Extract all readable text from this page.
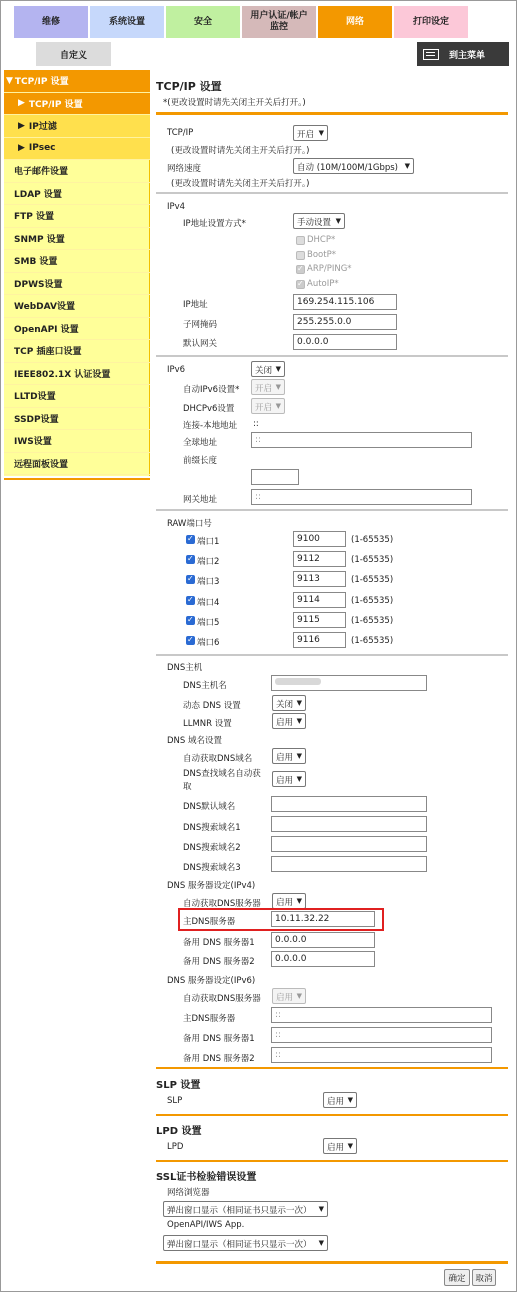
维修	系统设置	安全
用户认证/帐户监控
网络	打印设定
自定义	到主菜单
▼ TCP/IP 设置
▶ TCP/IP 设置
▶ IP过滤
▶ IPsec
电子邮件设置
LDAP 设置
FTP 设置
SNMP 设置
SMB 设置
DPWS设置
WebDAV设置
OpenAPI 设置
TCP 插座口设置
IEEE802.1X 认证设置
LLTD设置
SSDP设置
IWS设置
远程面板设置
TCP/IP 设置
*(更改设置时请先关闭主开关后打开。)
TCP/IP	开启 ▼
(更改设置时请先关闭主开关后打开。)
网络速度	自动 (10M/100M/1Gbps) ▼
(更改设置时请先关闭主开关后打开。)
IPv4
IP地址设置方式*	手动设置 ▼
DHCP*
BootP*
✓
ARP/PING*
✓
AutoIP*
IP地址	169.254.115.106
子网掩码	255.255.0.0
默认网关	0.0.0.0
IPv6	关闭 ▼
自动IPv6设置*	开启 ▼
DHCPv6设置	开启 ▼
连接-本地地址 ::
全球地址	::
前缀长度
网关地址	::
RAW端口号
✓
端口1	9100	(1-65535)
✓
端口2	9112	(1-65535)
✓
端口3	9113	(1-65535)
✓
端口4	9114	(1-65535)
✓
端口5	9115	(1-65535)
✓
端口6	9116	(1-65535)
DNS主机
DNS主机名
动态 DNS 设置	关闭 ▼
LLMNR 设置	启用 ▼
DNS 域名设置
自动获取DNS域名	启用 ▼
DNS查找域名自动获取
启用 ▼
DNS默认域名
DNS搜索域名1
DNS搜索域名2
DNS搜索域名3
DNS 服务器设定(IPv4)
自动获取DNS服务器	启用 ▼
主DNS服务器	10.11.32.22
备用 DNS 服务器1	0.0.0.0
备用 DNS 服务器2	0.0.0.0
DNS 服务器设定(IPv6)
自动获取DNS服务器	启用 ▼
主DNS服务器	::
备用 DNS 服务器1	::
备用 DNS 服务器2	::
SLP 设置
SLP	启用 ▼
LPD 设置
LPD	启用 ▼
SSL证书检验错误设置
网络浏览器
弹出窗口显示（相同证书只显示一次） ▼
OpenAPI/IWS App.
弹出窗口显示（相同证书只显示一次） ▼
确定	取消
